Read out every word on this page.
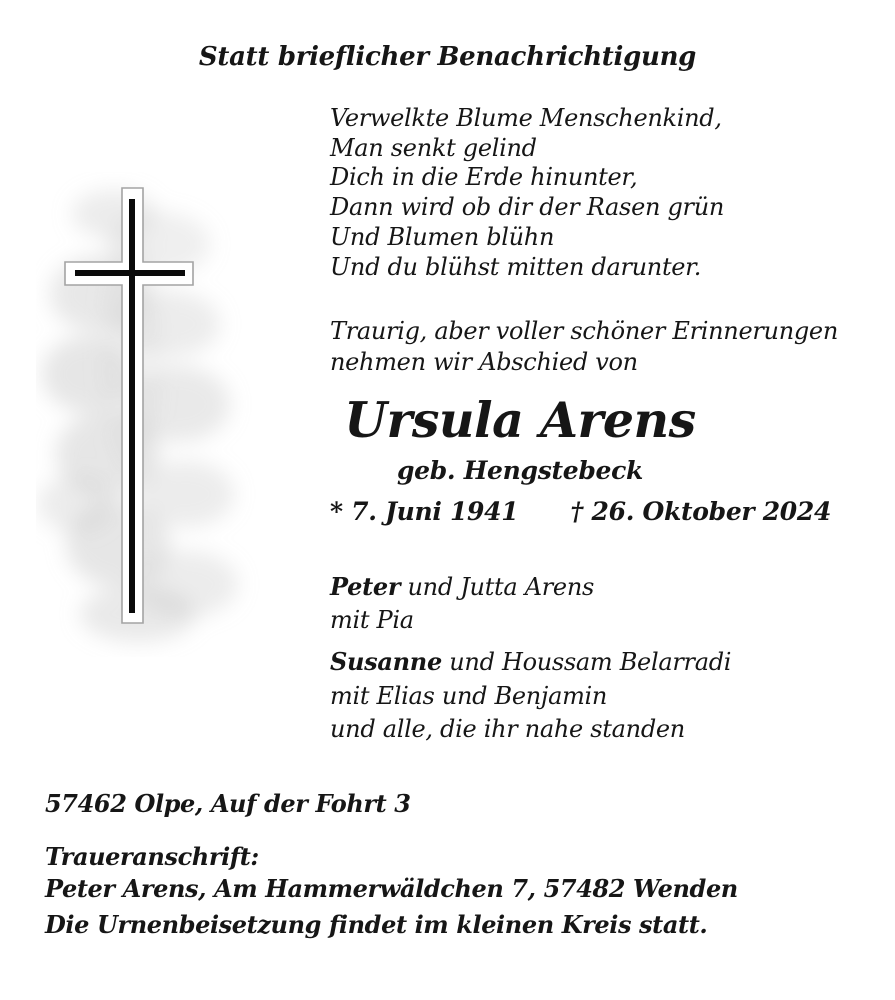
Statt brieflicher Benachrichtigung
Verwelkte Blume Menschenkind,
Man senkt gelind
Dich in die Erde hinunter,
Dann wird ob dir der Rasen grün
Und Blumen blühn
Und du blühst mitten darunter.
Traurig, aber voller schöner Erinnerungen
nehmen wir Abschied von
Ursula Arens
geb. Hengstebeck
* 7. Juni 1941 † 26. Oktober 2024
Peter und Jutta Arens
mit Pia
Susanne und Houssam Belarradi
mit Elias und Benjamin
und alle, die ihr nahe standen
57462 Olpe, Auf der Fohrt 3
Traueranschrift:
Peter Arens, Am Hammerwäldchen 7, 57482 Wenden
Die Urnenbeisetzung findet im kleinen Kreis statt.
